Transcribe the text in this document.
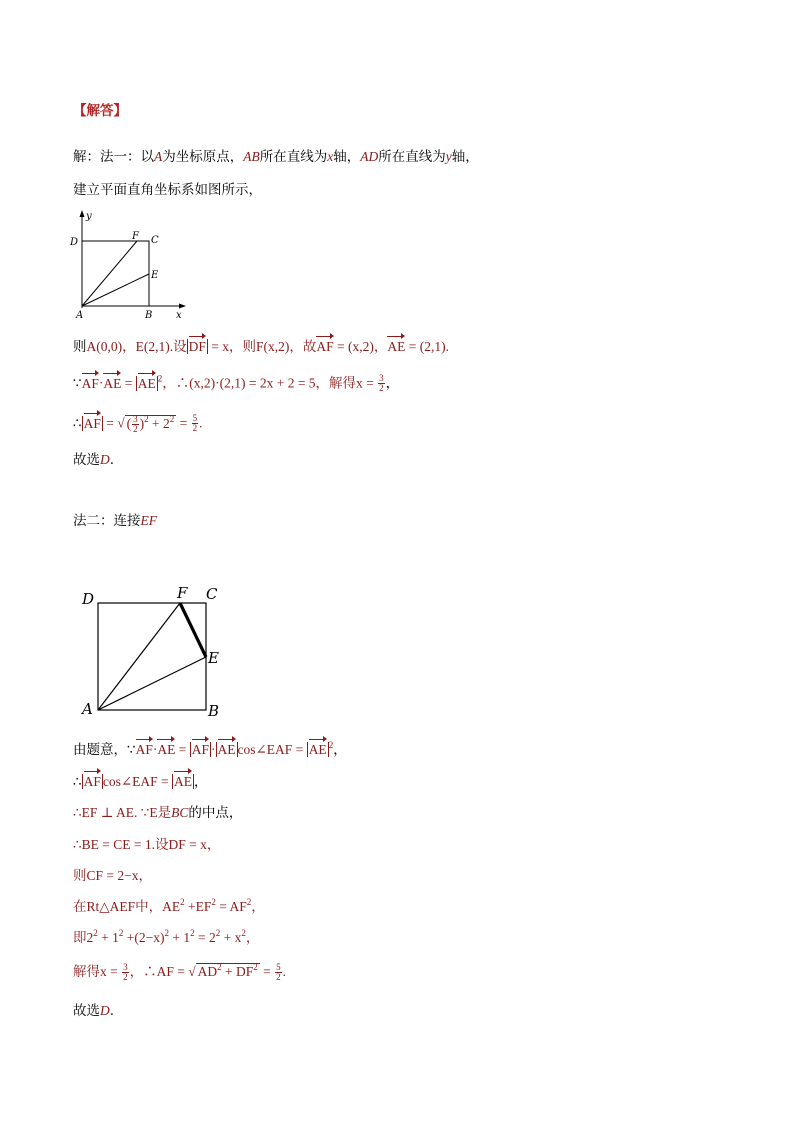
【解答】
解：法一：以A为坐标原点，AB所在直线为x轴，AD所在直线为y轴，
建立平面直角坐标系如图所示，
y
x
D
F C
E
A	B
则A(0,0)，E(2,1).设 DF = x，则F(x,2)，故AF = (x,2)，AE = (2,1).
∵AF·AE = AE $^2$，∴(x,2)·(2,1) = 2x + 2 = 5，解得$x = \frac{3}{2}$ ，
∴ AF = √ ( $\frac{3}{2} )^2 + 2^2 = \frac{5}{2}$ .
故选D.
法二：连接EF
D	F C
E
A	B
由题意，∵AF·AE = AF · AE cos∠EAF = AE $^2$，
∴ AF cos∠EAF = AE ，
∴EF ⊥ AE. ∵E是BC的中点，
∴BE = CE = 1.设DF = x，
则CF = 2−x，
在Rt△AEF中，$AE^2 +EF^2 = AF^2$，
即$2^2 + 1^2 +(2-x)^2 + 1^2 = 2^2 + x^2$，
解得$x = \frac{3}{2}$ ，∴AF = √ $AD^2 + DF^2 = \frac{5}{2}$ .
故选D.
